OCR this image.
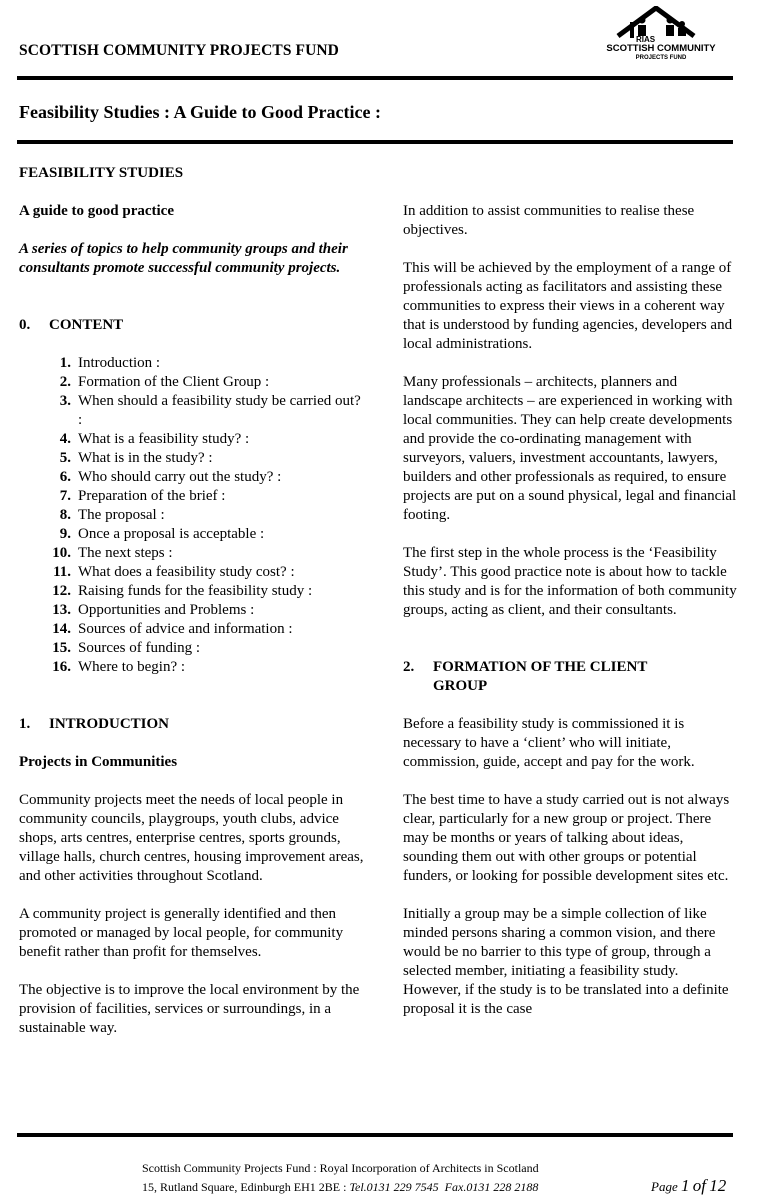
SCOTTISH COMMUNITY PROJECTS FUND
RIAS
SCOTTISH COMMUNITY
PROJECTS FUND
Feasibility Studies : A Guide to Good Practice :

FEASIBILITY STUDIES

A guide to good practice

A series of topics to help community groups and their consultants promote successful community projects.

0.	CONTENT
1. Introduction :
2. Formation of the Client Group :
3. When should a feasibility study be carried out? :
4. What is a feasibility study? :
5. What is in the study? :
6. Who should carry out the study? :
7. Preparation of the brief :
8. The proposal :
9. Once a proposal is acceptable :
10. The next steps :
11. What does a feasibility study cost? :
12. Raising funds for the feasibility study :
13. Opportunities and Problems :
14. Sources of advice and information :
15. Sources of funding :
16. Where to begin? :
1.	INTRODUCTION

Projects in Communities

Community projects meet the needs of local people in community councils, playgroups, youth clubs, advice shops, arts centres, enterprise centres, sports grounds, village halls, church centres, housing improvement areas, and other activities throughout Scotland.

A community project is generally identified and then promoted or managed by local people, for community benefit rather than profit for themselves.

The objective is to improve the local environment by the provision of facilities, services or surroundings, in a sustainable way.

In addition to assist communities to realise these objectives.

This will be achieved by the employment of a range of professionals acting as facilitators and assisting these communities to express their views in a coherent way that is understood by funding agencies, developers and local administrations.

Many professionals – architects, planners and landscape architects – are experienced in working with local communities. They can help create developments and provide the co-ordinating management with surveyors, valuers, investment accountants, lawyers, builders and other professionals as required, to ensure projects are put on a sound physical, legal and financial footing.

The first step in the whole process is the ‘Feasibility Study’. This good practice note is about how to tackle this study and is for the information of both community groups, acting as client, and their consultants.

2.	FORMATION OF THE CLIENT GROUP

Before a feasibility study is commissioned it is necessary to have a ‘client’ who will initiate, commission, guide, accept and pay for the work.

The best time to have a study carried out is not always clear, particularly for a new group or project. There may be months or years of talking about ideas, sounding them out with other groups or potential funders, or looking for possible development sites etc.

Initially a group may be a simple collection of like minded persons sharing a common vision, and there would be no barrier to this type of group, through a selected member, initiating a feasibility study. However, if the study is to be translated into a definite proposal it is the case

Scottish Community Projects Fund : Royal Incorporation of Architects in Scotland
15, Rutland Square, Edinburgh EH1 2BE : Tel.0131 229 7545 Fax.0131 228 2188	Page 1 of 12
